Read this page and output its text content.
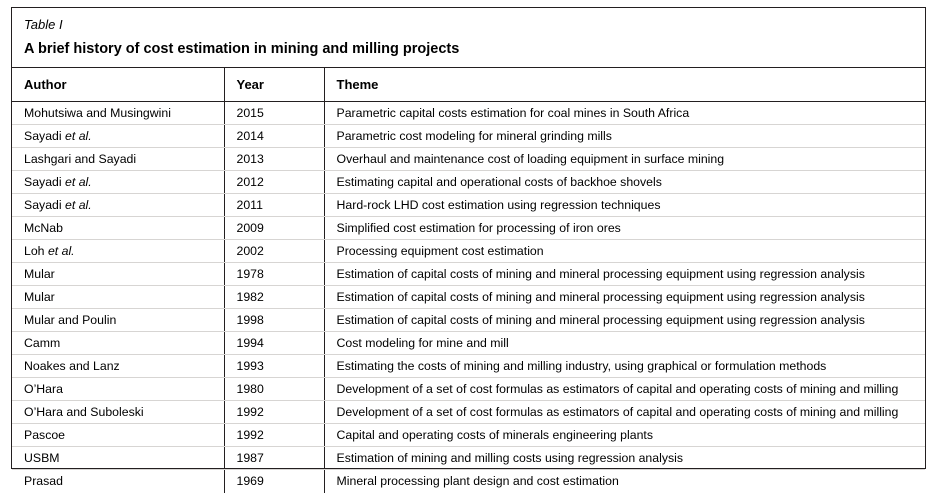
Table I
A brief history of cost estimation in mining and milling projects
Author	Year	Theme
Mohutsiwa and Musingwini	2015	Parametric capital costs estimation for coal mines in South Africa
Sayadi et al.	2014	Parametric cost modeling for mineral grinding mills
Lashgari and Sayadi	2013	Overhaul and maintenance cost of loading equipment in surface mining
Sayadi et al.	2012	Estimating capital and operational costs of backhoe shovels
Sayadi et al.	2011	Hard-rock LHD cost estimation using regression techniques
McNab	2009	Simplified cost estimation for processing of iron ores
Loh et al.	2002	Processing equipment cost estimation
Mular	1978	Estimation of capital costs of mining and mineral processing equipment using regression analysis
Mular	1982	Estimation of capital costs of mining and mineral processing equipment using regression analysis
Mular and Poulin	1998	Estimation of capital costs of mining and mineral processing equipment using regression analysis
Camm	1994	Cost modeling for mine and mill
Noakes and Lanz	1993	Estimating the costs of mining and milling industry, using graphical or formulation methods
O’Hara	1980	Development of a set of cost formulas as estimators of capital and operating costs of mining and milling
O’Hara and Suboleski	1992	Development of a set of cost formulas as estimators of capital and operating costs of mining and milling
Pascoe	1992	Capital and operating costs of minerals engineering plants
USBM	1987	Estimation of mining and milling costs using regression analysis
Prasad	1969	Mineral processing plant design and cost estimation
